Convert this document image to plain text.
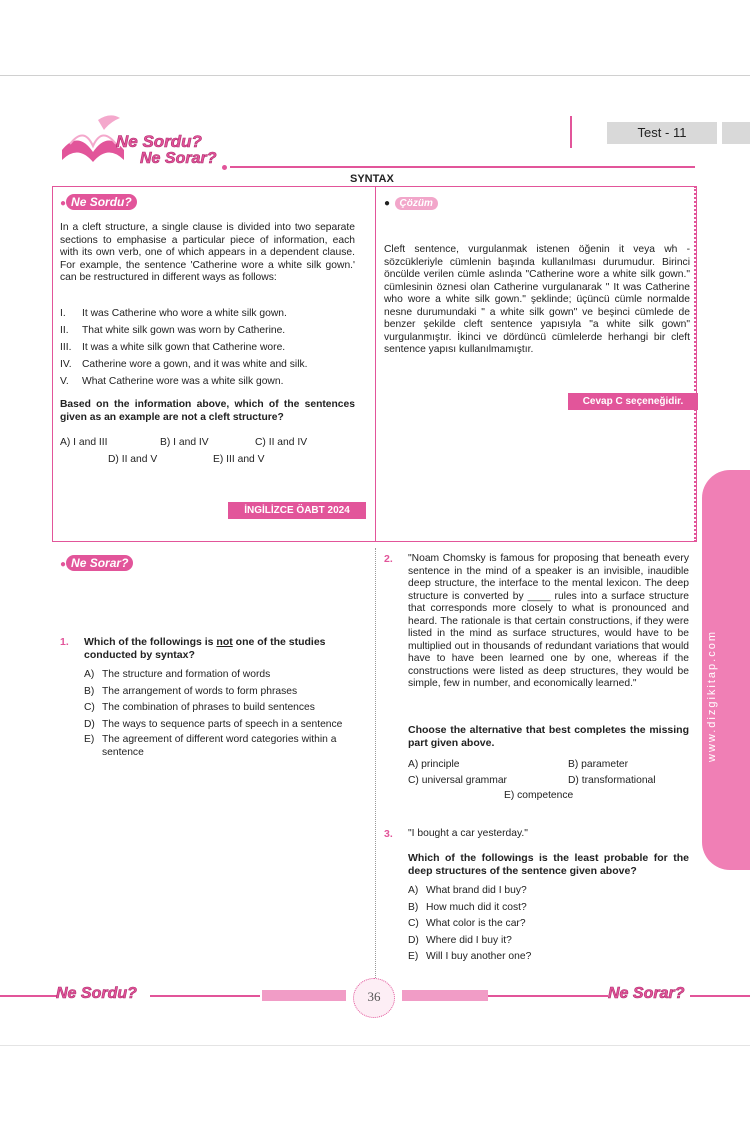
Ne Sordu?
Ne Sorar?
Test - 11
SYNTAX
● Ne Sordu?
In a cleft structure, a single clause is divided into two separate sections to emphasise a particular piece of information, each with its own verb, one of which appears in a dependent clause. For example, the sentence 'Catherine wore a white silk gown.' can be restructured in different ways as follows:
I. It was Catherine who wore a white silk gown.
II. That white silk gown was worn by Catherine.
III. It was a white silk gown that Catherine wore.
IV. Catherine wore a gown, and it was white and silk.
V. What Catherine wore was a white silk gown.
Based on the information above, which of the sentences given as an example are not a cleft structure?
A) I and III	B) I and IV	C) II and IV
D) II and V	E) III and V
İNGİLİZCE ÖABT 2024
● Çözüm
Cleft sentence, vurgulanmak istenen öğenin it veya wh - sözcükleriyle cümlenin başında kullanılması durumudur. Birinci öncülde verilen cümle aslında "Catherine wore a white silk gown." cümlesinin öznesi olan Catherine vurgulanarak " It was Catherine who wore a white silk gown." şeklinde; üçüncü cümle normalde nesne durumundaki " a white silk gown" ve beşinci cümlede de benzer şekilde cleft sentence yapısıyla "a white silk gown" vurgulanmıştır. İkinci ve dördüncü cümlelerde herhangi bir cleft sentence yapısı kullanılmamıştır.
Cevap C seçeneğidir.
● Ne Sorar?
1. Which of the followings is not one of the studies conducted by syntax?
A) The structure and formation of words
B) The arrangement of words to form phrases
C) The combination of phrases to build sentences
D) The ways to sequence parts of speech in a sentence
E) The agreement of different word categories within a sentence
2. "Noam Chomsky is famous for proposing that beneath every sentence in the mind of a speaker is an invisible, inaudible deep structure, the interface to the mental lexicon. The deep structure is converted by ____ rules into a surface structure that corresponds more closely to what is pronounced and heard. The rationale is that certain constructions, if they were listed in the mind as surface structures, would have to be multiplied out in thousands of redundant variations that would have to have been learned one by one, whereas if the constructions were listed as deep structures, they would be simple, few in number, and economically learned."
Choose the alternative that best completes the missing part given above.
A) principle	B) parameter
C) universal grammar	D) transformational
E) competence
3. "I bought a car yesterday."
Which of the followings is the least probable for the deep structures of the sentence given above?
A) What brand did I buy?
B) How much did it cost?
C) What color is the car?
D) Where did I buy it?
E) Will I buy another one?
www.dizgikitap.com
Ne Sordu?	36	Ne Sorar?
